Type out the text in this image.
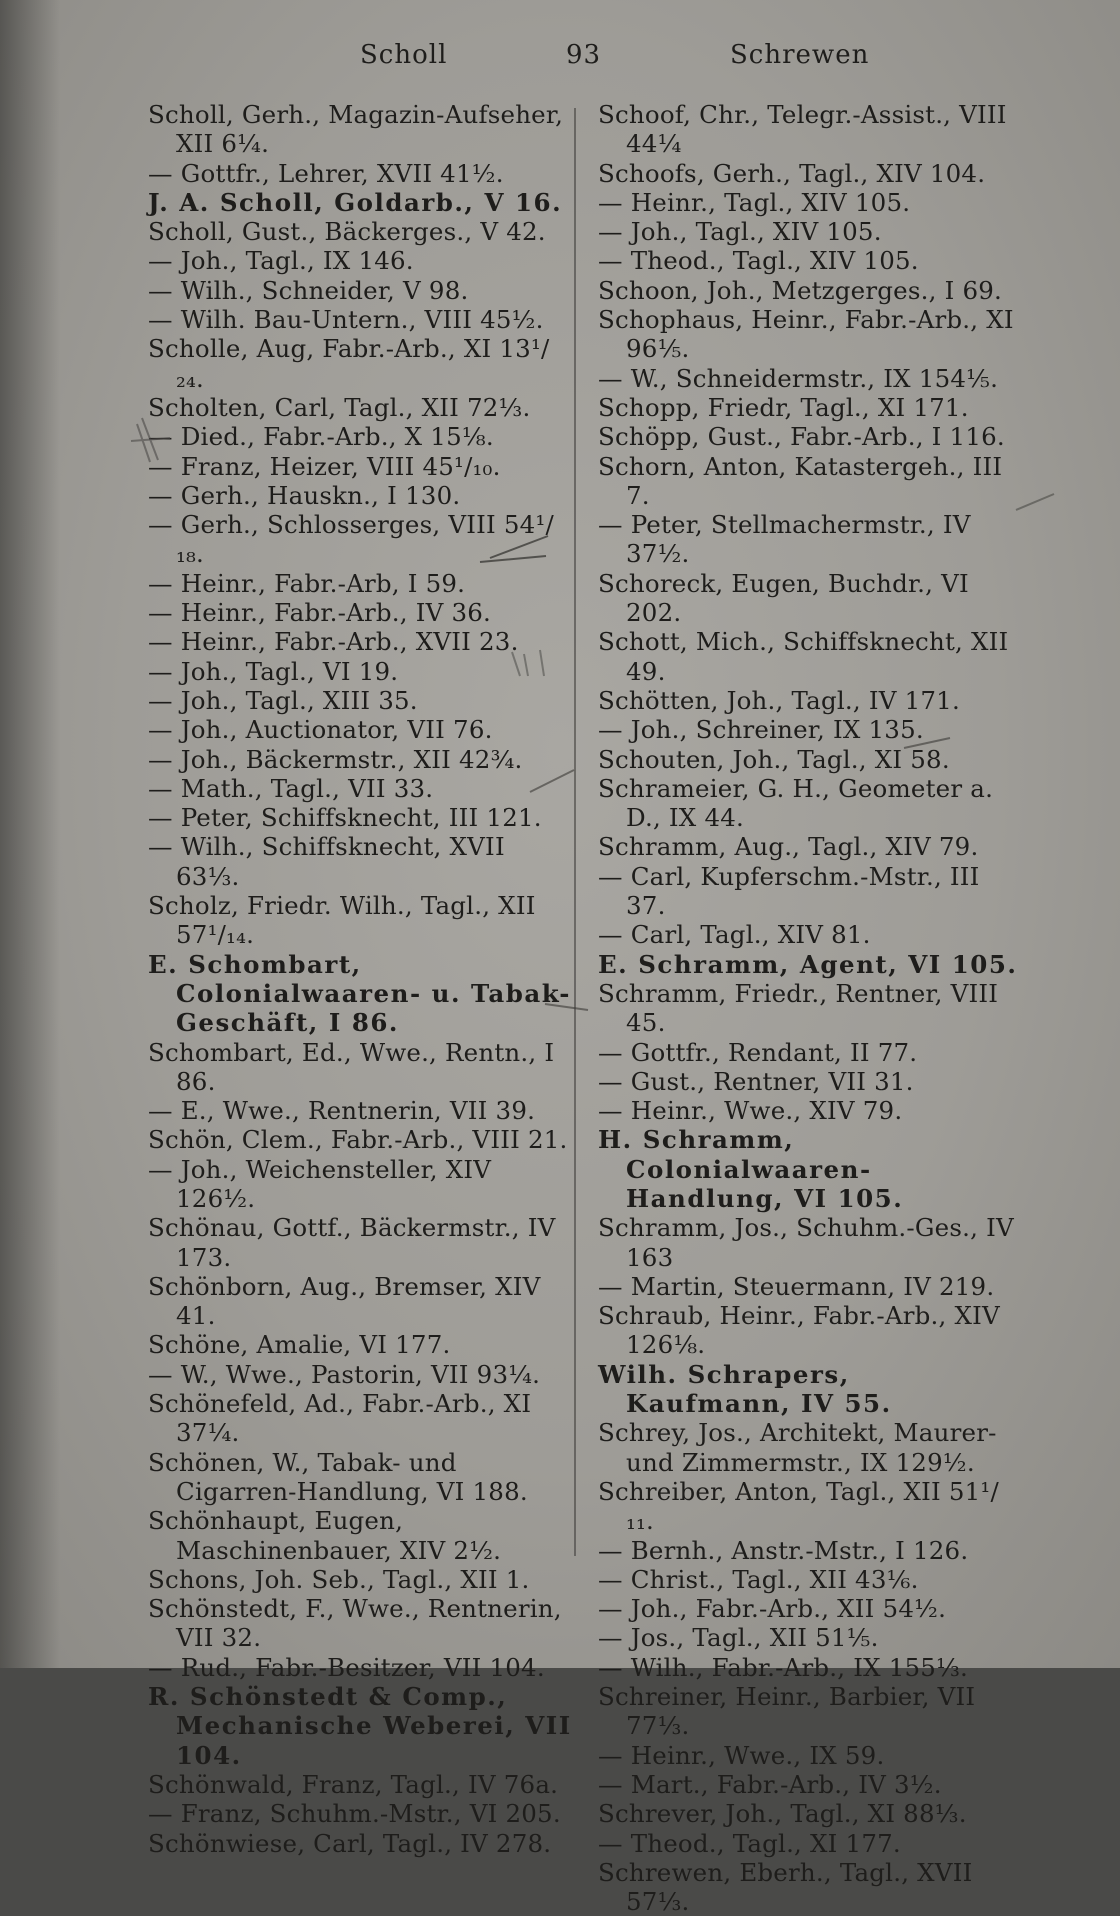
Scholl	93	Schrewen

Scholl, Gerh., Magazin-Aufseher, XII 6¼.

— Gottfr., Lehrer, XVII 41½.

J. A. Scholl, Goldarb., V 16.

Scholl, Gust., Bäckerges., V 42.

— Joh., Tagl., IX 146.

— Wilh., Schneider, V 98.

— Wilh. Bau-Untern., VIII 45½.

Scholle, Aug, Fabr.-Arb., XI 13¹/₂₄.

Scholten, Carl, Tagl., XII 72⅓.

— Died., Fabr.-Arb., X 15⅛.

— Franz, Heizer, VIII 45¹/₁₀.

— Gerh., Hauskn., I 130.

— Gerh., Schlosserges, VIII 54¹/₁₈.

— Heinr., Fabr.-Arb, I 59.

— Heinr., Fabr.-Arb., IV 36.

— Heinr., Fabr.-Arb., XVII 23.

— Joh., Tagl., VI 19.

— Joh., Tagl., XIII 35.

— Joh., Auctionator, VII 76.

— Joh., Bäckermstr., XII 42¾.

— Math., Tagl., VII 33.

— Peter, Schiffsknecht, III 121.

— Wilh., Schiffsknecht, XVII 63⅓.

Scholz, Friedr. Wilh., Tagl., XII 57¹/₁₄.

E. Schombart, Colonialwaaren- u. Tabak-Geschäft, I 86.

Schombart, Ed., Wwe., Rentn., I 86.

— E., Wwe., Rentnerin, VII 39.

Schön, Clem., Fabr.-Arb., VIII 21.

— Joh., Weichensteller, XIV 126½.

Schönau, Gottf., Bäckermstr., IV 173.

Schönborn, Aug., Bremser, XIV 41.

Schöne, Amalie, VI 177.

— W., Wwe., Pastorin, VII 93¼.

Schönefeld, Ad., Fabr.-Arb., XI 37¼.

Schönen, W., Tabak- und Cigarren-Handlung, VI 188.

Schönhaupt, Eugen, Maschinenbauer, XIV 2½.

Schons, Joh. Seb., Tagl., XII 1.

Schönstedt, F., Wwe., Rentnerin, VII 32.

— Rud., Fabr.-Besitzer, VII 104.

R. Schönstedt & Comp., Mechanische Weberei, VII 104.

Schönwald, Franz, Tagl., IV 76a.

— Franz, Schuhm.-Mstr., VI 205.

Schönwiese, Carl, Tagl., IV 278.

Schoof, Chr., Telegr.-Assist., VIII 44¼

Schoofs, Gerh., Tagl., XIV 104.

— Heinr., Tagl., XIV 105.

— Joh., Tagl., XIV 105.

— Theod., Tagl., XIV 105.

Schoon, Joh., Metzgerges., I 69.

Schophaus, Heinr., Fabr.-Arb., XI 96⅕.

— W., Schneidermstr., IX 154⅕.

Schopp, Friedr, Tagl., XI 171.

Schöpp, Gust., Fabr.-Arb., I 116.

Schorn, Anton, Katastergeh., III 7.

— Peter, Stellmachermstr., IV 37½.

Schoreck, Eugen, Buchdr., VI 202.

Schott, Mich., Schiffsknecht, XII 49.

Schötten, Joh., Tagl., IV 171.

— Joh., Schreiner, IX 135.

Schouten, Joh., Tagl., XI 58.

Schrameier, G. H., Geometer a. D., IX 44.

Schramm, Aug., Tagl., XIV 79.

— Carl, Kupferschm.-Mstr., III 37.

— Carl, Tagl., XIV 81.

E. Schramm, Agent, VI 105.

Schramm, Friedr., Rentner, VIII 45.

— Gottfr., Rendant, II 77.

— Gust., Rentner, VII 31.

— Heinr., Wwe., XIV 79.

H. Schramm, Colonialwaaren-Handlung, VI 105.

Schramm, Jos., Schuhm.-Ges., IV 163

— Martin, Steuermann, IV 219.

Schraub, Heinr., Fabr.-Arb., XIV 126⅛.

Wilh. Schrapers, Kaufmann, IV 55.

Schrey, Jos., Architekt, Maurer- und Zimmermstr., IX 129½.

Schreiber, Anton, Tagl., XII 51¹/₁₁.

— Bernh., Anstr.-Mstr., I 126.

— Christ., Tagl., XII 43⅙.

— Joh., Fabr.-Arb., XII 54½.

— Jos., Tagl., XII 51⅕.

— Wilh., Fabr.-Arb., IX 155⅓.

Schreiner, Heinr., Barbier, VII 77⅓.

— Heinr., Wwe., IX 59.

— Mart., Fabr.-Arb., IV 3½.

Schrever, Joh., Tagl., XI 88⅓.

— Theod., Tagl., XI 177.

Schrewen, Eberh., Tagl., XVII 57⅓.
